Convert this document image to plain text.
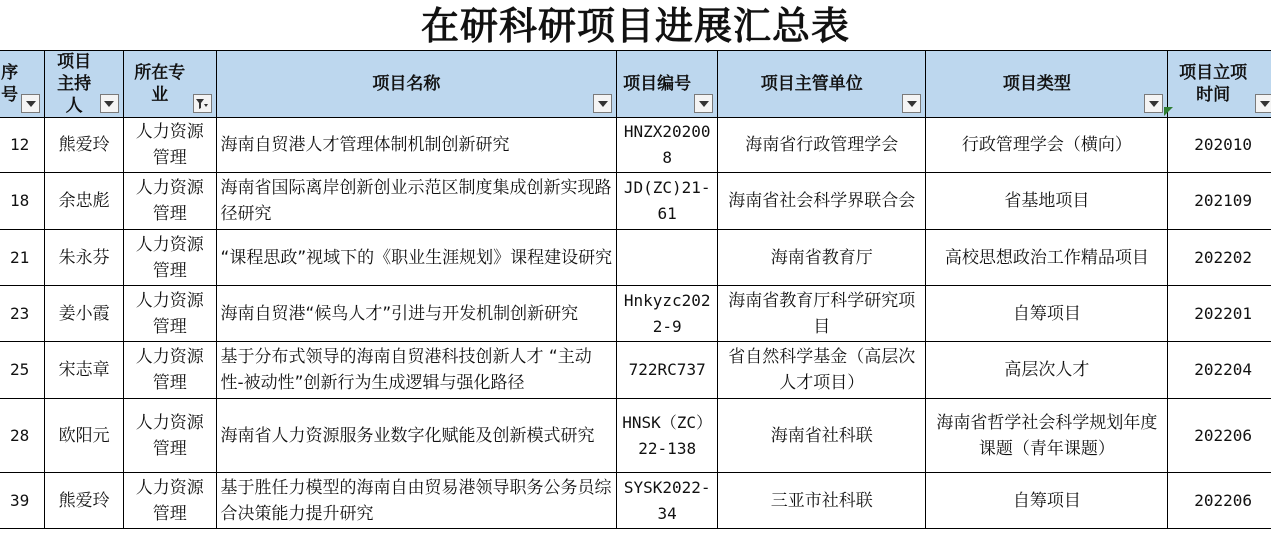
在研科研项目进展汇总表
序号	项目主持人	所在专业	项目名称	项目编号	项目主管单位	项目类型	项目立项时间

12	熊爱玲	人力资源管理	海南自贸港人才管理体制机制创新研究	HNZX202008	海南省行政管理学会	行政管理学会（横向）	202010
18	余忠彪	人力资源管理	海南省国际离岸创新创业示范区制度集成创新实现路径研究	JD(ZC)21-61	海南省社会科学界联合会	省基地项目	202109
21	朱永芬	人力资源管理	“课程思政”视域下的《职业生涯规划》课程建设研究		海南省教育厅	高校思想政治工作精品项目	202202
23	姜小霞	人力资源管理	海南自贸港“候鸟人才”引进与开发机制创新研究	Hnkyzc2022-9	海南省教育厅科学研究项目	自筹项目	202201
25	宋志章	人力资源管理	基于分布式领导的海南自贸港科技创新人才 “主动性-被动性”创新行为生成逻辑与强化路径	722RC737	省自然科学基金（高层次人才项目）	高层次人才	202204
28	欧阳元	人力资源管理	海南省人力资源服务业数字化赋能及创新模式研究	HNSK（ZC）22-138	海南省社科联	海南省哲学社会科学规划年度课题（青年课题）	202206
39	熊爱玲	人力资源管理	基于胜任力模型的海南自由贸易港领导职务公务员综合决策能力提升研究	SYSK2022-34	三亚市社科联	自筹项目	202206
